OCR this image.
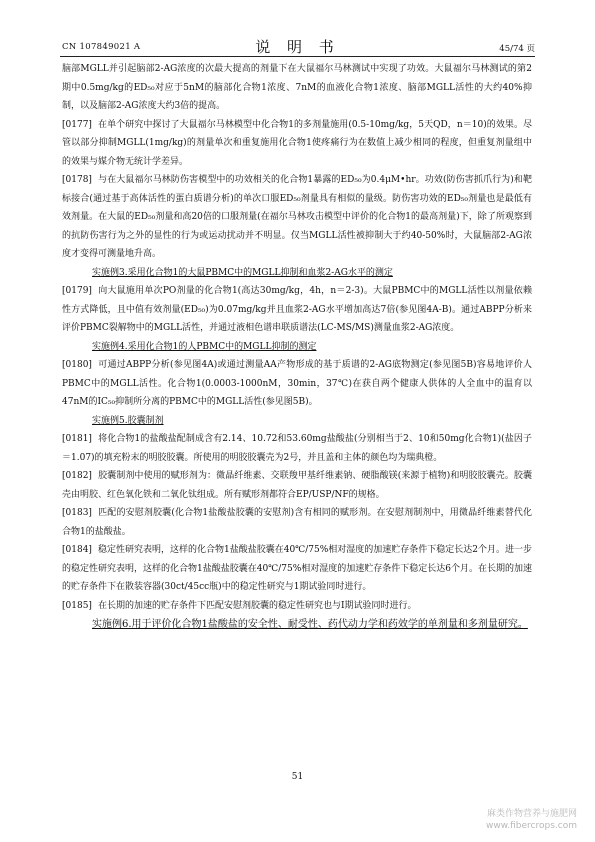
CN 107849021 A	说 明 书	45/74 页

脑部MGLL并引起脑部2-AG浓度的次最大提高的剂量下在大鼠福尔马林测试中实现了功效。大鼠福尔马林测试的第2期中0.5mg/kg的ED₅₀对应于5nM的脑部化合物1浓度、7nM的血液化合物1浓度、脑部MGLL活性的大约40%抑制，以及脑部2-AG浓度大约3倍的提高。

[0177] 在单个研究中探讨了大鼠福尔马林模型中化合物1的多剂量施用(0.5-10mg/kg，5天QD，n＝10)的效果。尽管以部分抑制MGLL(1mg/kg)的剂量单次和重复施用化合物1使疼痛行为在数值上减少相同的程度，但重复剂量组中的效果与媒介物无统计学差异。

[0178] 与在大鼠福尔马林防伤害模型中的功效相关的化合物1暴露的ED₅₀为0.4μM•hr。功效(防伤害抓爪行为)和靶标接合(通过基于高体活性的蛋白质谱分析)的单次口服ED₅₀剂量具有相似的量级。防伤害功效的ED₅₀剂量也是最低有效剂量。在大鼠的ED₅₀剂量和高20倍的口服剂量(在福尔马林攻击模型中评价的化合物1的最高剂量)下，除了所观察到的抗防伤害行为之外的显性的行为或运动扰动并不明显。仅当MGLL活性被抑制大于约40-50%时，大鼠脑部2-AG浓度才变得可测量地升高。

实施例3.采用化合物1的大鼠PBMC中的MGLL抑制和血浆2-AG水平的测定

[0179] 向大鼠施用单次PO剂量的化合物1(高达30mg/kg，4h，n＝2-3)。大鼠PBMC中的MGLL活性以剂量依赖性方式降低，且中值有效剂量(ED₅₀)为0.07mg/kg并且血浆2-AG水平增加高达7倍(参见图4A-B)。通过ABPP分析来评价PBMC裂解物中的MGLL活性，并通过液相色谱串联质谱法(LC-MS/MS)测量血浆2-AG浓度。

实施例4.采用化合物1的人PBMC中的MGLL抑制的测定

[0180] 可通过ABPP分析(参见图4A)或通过测量AA产物形成的基于质谱的2-AG底物测定(参见图5B)容易地评价人PBMC中的MGLL活性。化合物1(0.0003-1000nM，30min，37℃)在获自两个健康人供体的人全血中的温育以47nM的IC₅₀抑制所分离的PBMC中的MGLL活性(参见图5B)。

实施例5.胶囊制剂

[0181] 将化合物1的盐酸盐配制成含有2.14、10.72和53.60mg盐酸盐(分别相当于2、10和50mg化合物1)(盐因子＝1.07)的填充粉末的明胶胶囊。所使用的明胶胶囊壳为2号，并且盖和主体的颜色均为瑞典橙。

[0182] 胶囊制剂中使用的赋形剂为：微晶纤维素、交联羧甲基纤维素钠、硬脂酸镁(来源于植物)和明胶胶囊壳。胶囊壳由明胶、红色氧化铁和二氧化钛组成。所有赋形剂都符合EP/USP/NF的规格。

[0183] 匹配的安慰剂胶囊(化合物1盐酸盐胶囊的安慰剂)含有相同的赋形剂。在安慰剂制剂中，用微晶纤维素替代化合物1的盐酸盐。

[0184] 稳定性研究表明，这样的化合物1盐酸盐胶囊在40℃/75%相对湿度的加速贮存条件下稳定长达2个月。进一步的稳定性研究表明，这样的化合物1盐酸盐胶囊在40℃/75%相对湿度的加速贮存条件下稳定长达6个月。在长期的加速的贮存条件下在散装容器(30ct/45cc瓶)中的稳定性研究与1期试验同时进行。

[0185] 在长期的加速的贮存条件下匹配安慰剂胶囊的稳定性研究也与I期试验同时进行。

实施例6.用于评价化合物1盐酸盐的安全性、耐受性、药代动力学和药效学的单剂量和多剂量研究。

51
麻类作物营养与施肥网
www.fibercrops.com
